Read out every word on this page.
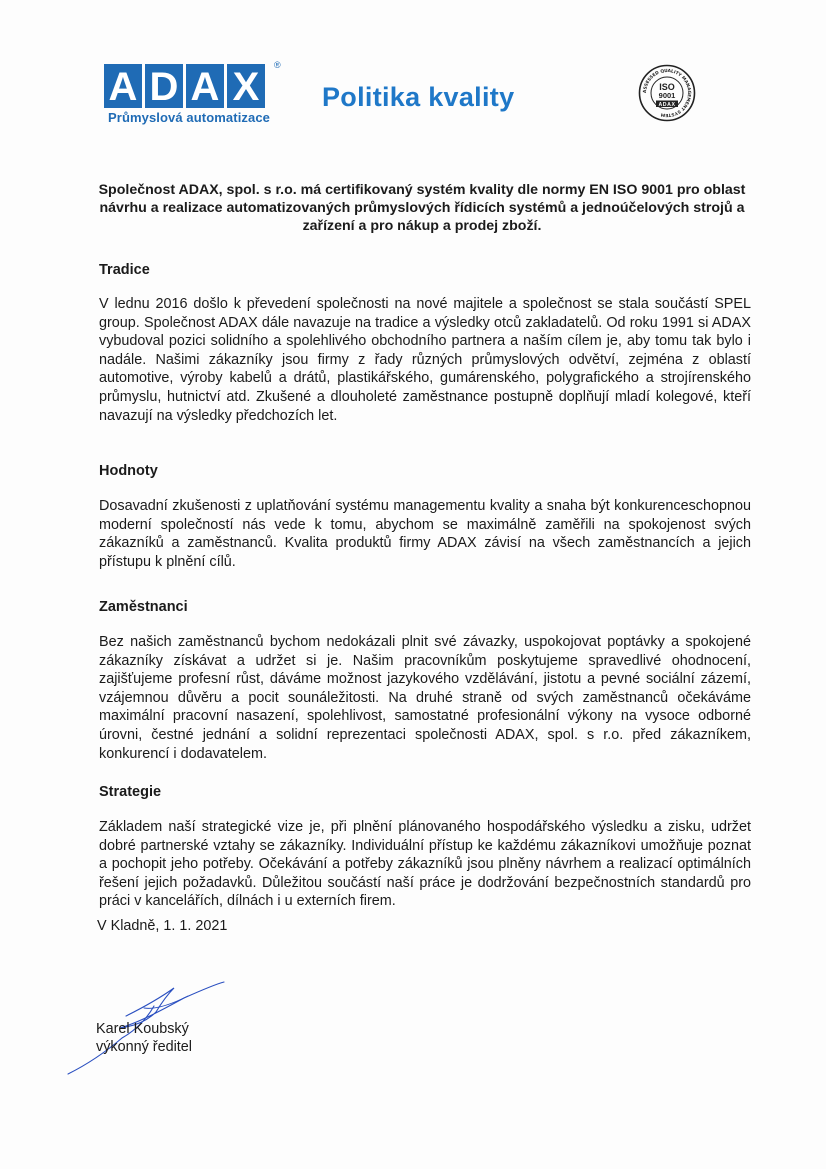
A D A X	®
Průmyslová automatizace
Politika kvality	ASSESSED QUALITY MANAGEMENT SYSTEM
ISO
9001
ADAX

Společnost ADAX, spol. s r.o. má certifikovaný systém kvality dle normy EN ISO 9001 pro oblast návrhu a realizace automatizovaných průmyslových řídicích systémů a jednoúčelových strojů a zařízení a pro nákup a prodej zboží.

Tradice

V lednu 2016 došlo k převedení společnosti na nové majitele a společnost se stala součástí SPEL group. Společnost ADAX dále navazuje na tradice a výsledky otců zakladatelů. Od roku 1991 si ADAX vybudoval pozici solidního a spolehlivého obchodního partnera a naším cílem je, aby tomu tak bylo i nadále. Našimi zákazníky jsou firmy z řady různých průmyslových odvětví, zejména z oblastí automotive, výroby kabelů a drátů, plastikářského, gumárenského, polygrafického a strojírenského průmyslu, hutnictví atd. Zkušené a dlouholeté zaměstnance postupně doplňují mladí kolegové, kteří navazují na výsledky předchozích let.

Hodnoty

Dosavadní zkušenosti z uplatňování systému managementu kvality a snaha být konkurenceschopnou moderní společností nás vede k tomu, abychom se maximálně zaměřili na spokojenost svých zákazníků a zaměstnanců. Kvalita produktů firmy ADAX závisí na všech zaměstnancích a jejich přístupu k plnění cílů.

Zaměstnanci

Bez našich zaměstnanců bychom nedokázali plnit své závazky, uspokojovat poptávky a spokojené zákazníky získávat a udržet si je. Našim pracovníkům poskytujeme spravedlivé ohodnocení, zajišťujeme profesní růst, dáváme možnost jazykového vzdělávání, jistotu a pevné sociální zázemí, vzájemnou důvěru a pocit sounáležitosti. Na druhé straně od svých zaměstnanců očekáváme maximální pracovní nasazení, spolehlivost, samostatné profesionální výkony na vysoce odborné úrovni, čestné jednání a solidní reprezentaci společnosti ADAX, spol. s r.o. před zákazníkem, konkurencí i dodavatelem.

Strategie

Základem naší strategické vize je, při plnění plánovaného hospodářského výsledku a zisku, udržet dobré partnerské vztahy se zákazníky. Individuální přístup ke každému zákazníkovi umožňuje poznat a pochopit jeho potřeby. Očekávání a potřeby zákazníků jsou plněny návrhem a realizací optimálních řešení jejich požadavků. Důležitou součástí naší práce je dodržování bezpečnostních standardů pro práci v kancelářích, dílnách i u externích firem.

V Kladně, 1. 1. 2021

Karel Koubský

výkonný ředitel
